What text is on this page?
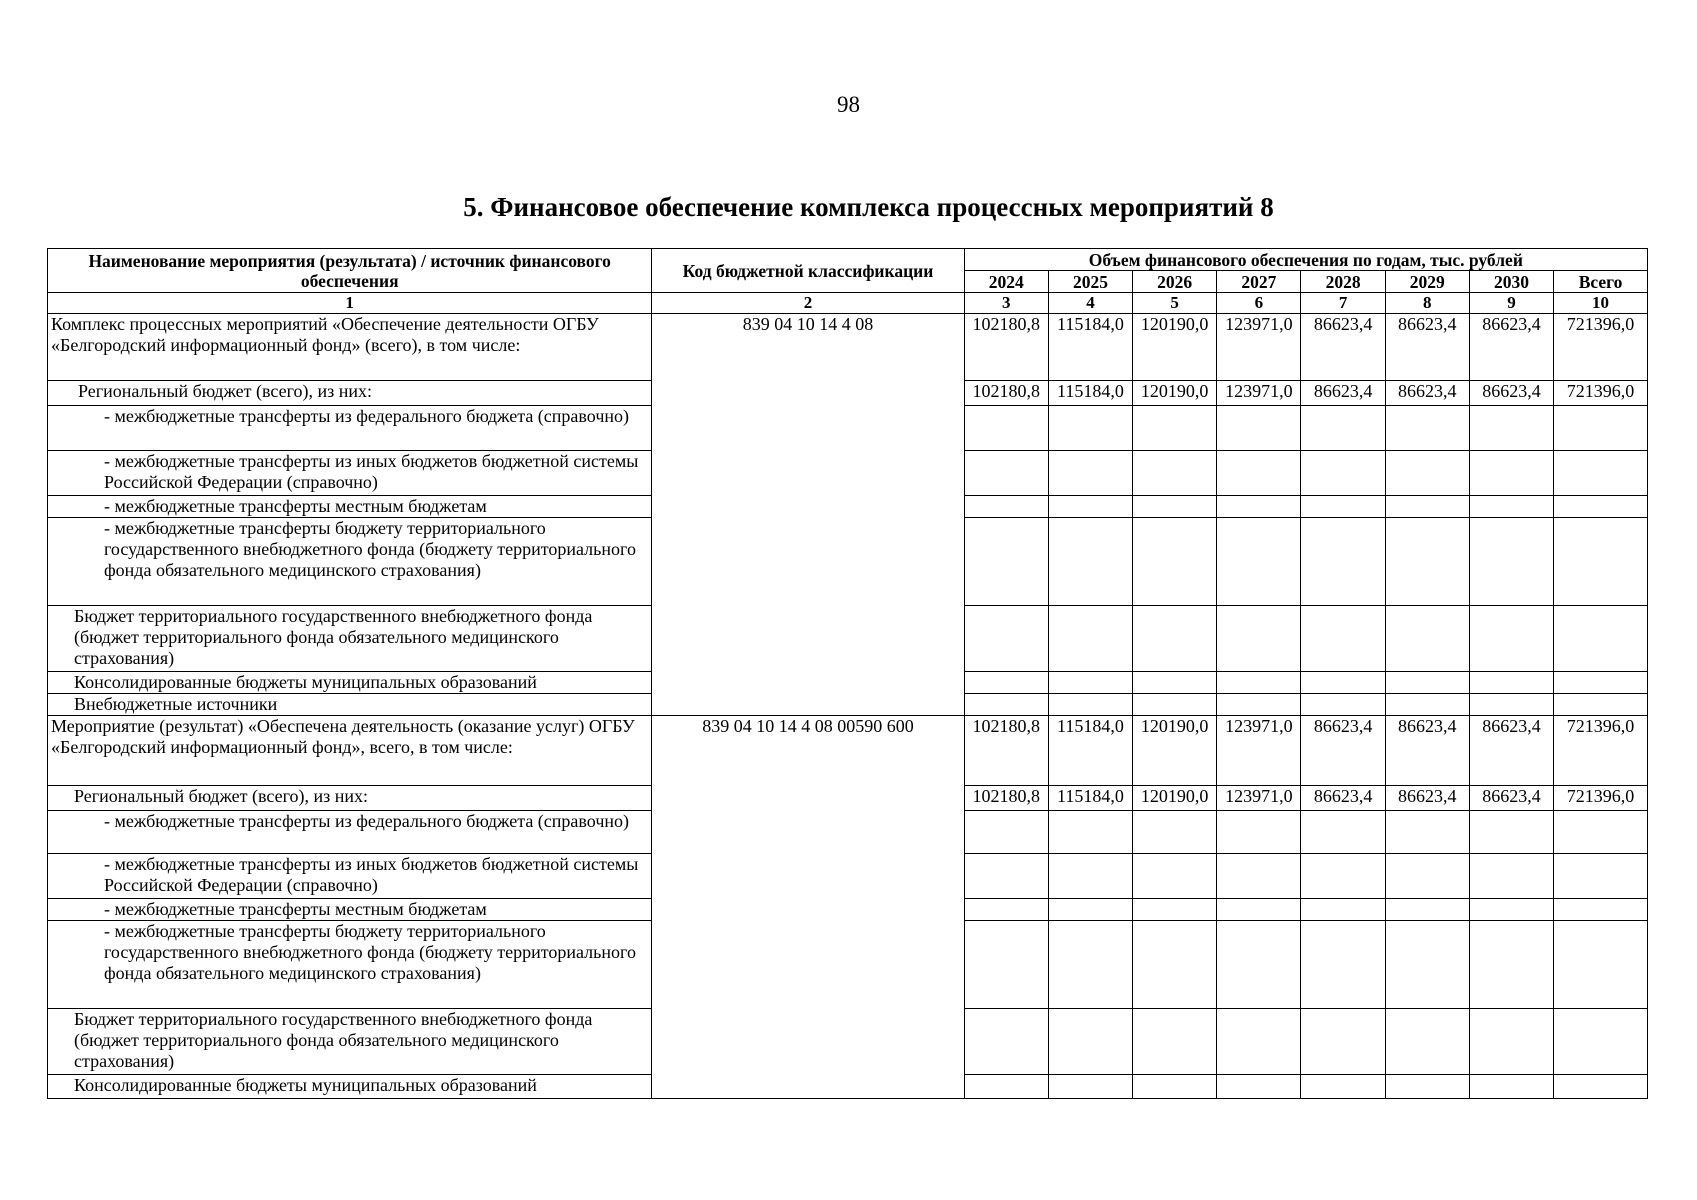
98
5. Финансовое обеспечение комплекса процессных мероприятий 8
Наименование мероприятия (результата) / источник финансового обеспечения	Код бюджетной классификации	Объем финансового обеспечения по годам, тыс. рублей							
		2024	2025	2026	2027	2028	2029	2030	Всего
1	2	3	4	5	6	7	8	9	10
Комплекс процессных мероприятий «Обеспечение деятельности ОГБУ «Белгородский информационный фонд» (всего), в том числе:	839 04 10 14 4 08	102180,8	115184,0	120190,0	123971,0	86623,4	86623,4	86623,4	721396,0
Региональный бюджет (всего), из них:		102180,8	115184,0	120190,0	123971,0	86623,4	86623,4	86623,4	721396,0
- межбюджетные трансферты из федерального бюджета (справочно)									
- межбюджетные трансферты из иных бюджетов бюджетной системы Российской Федерации (справочно)									
- межбюджетные трансферты местным бюджетам									
- межбюджетные трансферты бюджету территориального государственного внебюджетного фонда (бюджету территориального фонда обязательного медицинского страхования)									
Бюджет территориального государственного внебюджетного фонда (бюджет территориального фонда обязательного медицинского страхования)									
Консолидированные бюджеты муниципальных образований									
Внебюджетные источники									
Мероприятие (результат) «Обеспечена деятельность (оказание услуг) ОГБУ «Белгородский информационный фонд», всего, в том числе:	839 04 10 14 4 08 00590 600	102180,8	115184,0	120190,0	123971,0	86623,4	86623,4	86623,4	721396,0
Региональный бюджет (всего), из них:		102180,8	115184,0	120190,0	123971,0	86623,4	86623,4	86623,4	721396,0
- межбюджетные трансферты из федерального бюджета (справочно)									
- межбюджетные трансферты из иных бюджетов бюджетной системы Российской Федерации (справочно)									
- межбюджетные трансферты местным бюджетам									
- межбюджетные трансферты бюджету территориального государственного внебюджетного фонда (бюджету территориального фонда обязательного медицинского страхования)									
Бюджет территориального государственного внебюджетного фонда (бюджет территориального фонда обязательного медицинского страхования)									
Консолидированные бюджеты муниципальных образований									
